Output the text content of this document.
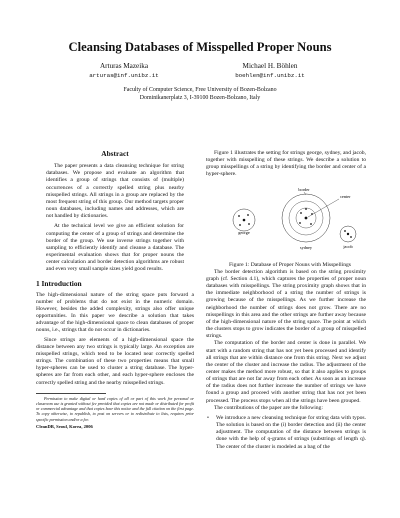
Cleansing Databases of Misspelled Proper Nouns
Arturas Mazeika
arturas@inf.unibz.it
Michael H. Böhlen
boehlen@inf.unibz.it
Faculty of Computer Science, Free University of Bozen-Bolzano
Dominikanerplatz 3, I-39100 Bozen-Bolzano, Italy
Abstract

The paper presents a data cleansing technique for string databases. We propose and evaluate an algorithm that identifies a group of strings that consists of (multiple) occurrences of a correctly spelled string plus nearby misspelled strings. All strings in a group are replaced by the most frequent string of this group. Our method targets proper noun databases, including names and addresses, which are not handled by dictionaries.

At the technical level we give an efficient solution for computing the center of a group of strings and determine the border of the group. We use inverse strings together with sampling to efficiently identify and cleanse a database. The experimental evaluation shows that for proper nouns the center calculation and border detection algorithms are robust and even very small sample sizes yield good results.

1 Introduction

The high-dimensional nature of the string space puts forward a number of problems that do not exist in the numeric domain. However, besides the added complexity, strings also offer unique opportunities. In this paper we describe a solution that takes advantage of the high-dimensional space to clean databases of proper nouns, i.e., strings that do not occur in dictionaries.

Since strings are elements of a high-dimensional space the distance between any two strings is typically large. An exception are misspelled strings, which tend to be located near correctly spelled strings. The combination of these two properties means that small hyper-spheres can be used to cluster a string database. The hyper-spheres are far from each other, and each hyper-sphere encloses the correctly spelled string and the nearby misspelled strings.

Permission to make digital or hard copies of all or part of this work for personal or classroom use is granted without fee provided that copies are not made or distributed for profit or commercial advantage and that copies bear this notice and the full citation on the first page. To copy otherwise, to republish, to post on servers or to redistribute to lists, requires prior specific permission and/or a fee.

CleanDB, Seoul, Korea, 2006

Figure 1 illustrates the setting for strings george, sydney, and jacob, together with misspelling of these strings. We describe a solution to group misspellings of a string by identifying the border and center of a hyper-sphere.

george
sydney
border
center
jacob

Figure 1: Database of Proper Nouns with Misspellings

The border detection algorithm is based on the string proximity graph (cf. Section 4.1), which captures the properties of proper noun databases with misspellings. The string proximity graph shows that in the immediate neighborhood of a string the number of strings is growing because of the misspellings. As we further increase the neighborhood the number of strings does not grow. There are no misspellings in this area and the other strings are further away because of the high-dimensional nature of the string space. The point at which the clusters stops to grow indicates the border of a group of misspelled strings.

The computation of the border and center is done in parallel. We start with a random string that has not yet been processed and identify all strings that are within distance one from this string. Next we adjust the center of the cluster and increase the radius. The adjustment of the center makes the method more robust, so that it also applies to groups of strings that are not far away from each other. As soon as an increase of the radius does not further increase the number of strings we have found a group and proceed with another string that has not yet been processed. The process stops when all the strings have been grouped.

The contributions of the paper are the following:

• We introduce a new cleansing technique for string data with typos. The solution is based on the (i) border detection and (ii) the center adjustment. The computation of the distance between strings is done with the help of q-grams of strings (substrings of length q). The center of the cluster is modeled as a bag of the
